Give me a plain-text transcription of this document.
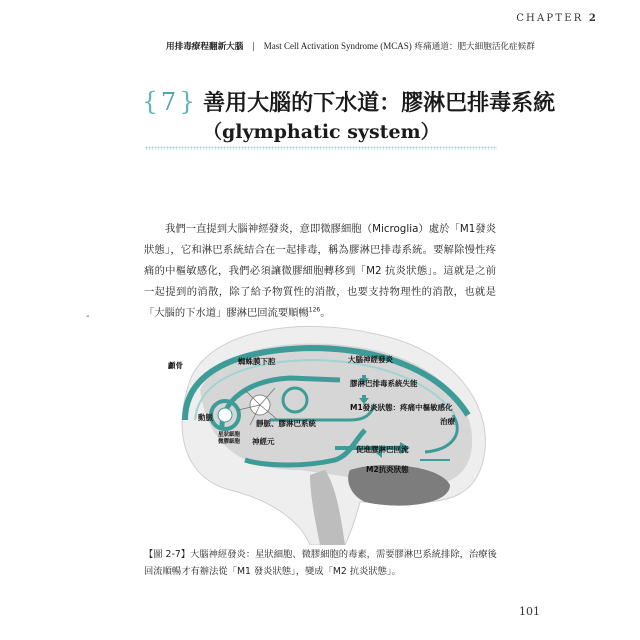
CHAPTER 2
用排毒療程翻新大腦 | Mast Cell Activation Syndrome (MCAS) 疼痛通道：肥大細胞活化症候群
{ 7 } 善用大腦的下水道：膠淋巴排毒系統
（glymphatic system）
我們一直提到大腦神經發炎，意即微膠細胞（Microglia）處於「M1發炎狀態」，它和淋巴系統結合在一起排毒，稱為膠淋巴排毒系統。要解除慢性疼痛的中樞敏感化，我們必須讓微膠細胞轉移到「M2 抗炎狀態」。這就是之前一起提到的消散，除了給予物質性的消散，也要支持物理性的消散，也就是「大腦的下水道」膠淋巴回流要順暢$^{126}$。
-
顱骨	蜘蛛膜下腔
動脈
星狀細胞
微膠細胞 神經元
靜脈、膠淋巴系統
大腦神經發炎
膠淋巴排毒系統失能
M1發炎狀態：疼痛中樞敏感化
治療
促進膠淋巴回流
M2抗炎狀態
【圖 2-7】大腦神經發炎：星狀細胞、微膠細胞的毒素，需要膠淋巴系統排除，治療後回流順暢才有辦法從「M1 發炎狀態」，變成「M2 抗炎狀態」。
101
